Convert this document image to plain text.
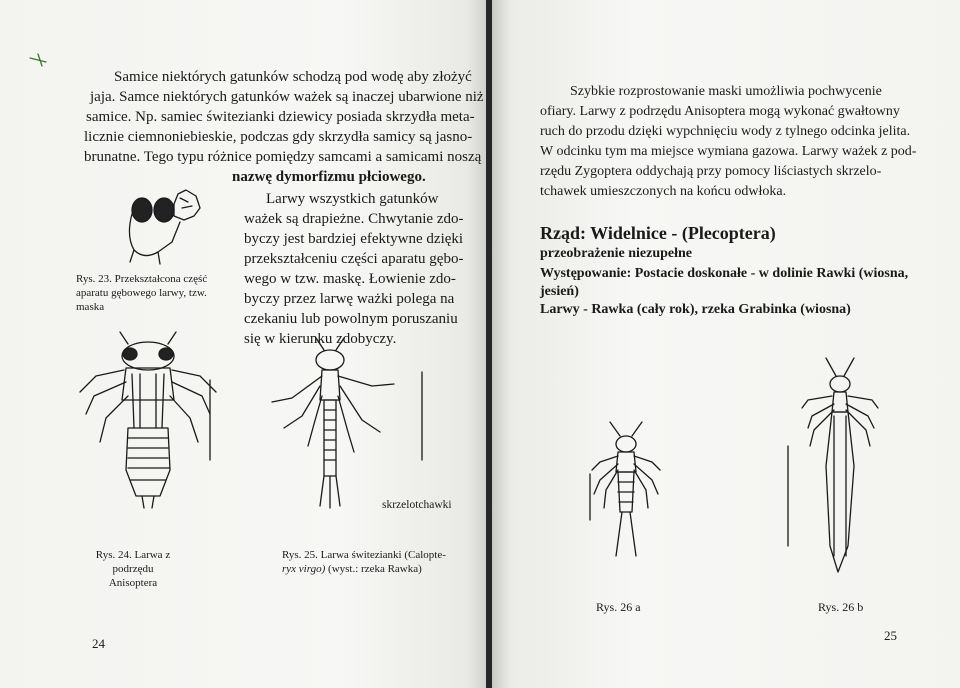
Samice niektórych gatunków schodzą pod wodę aby złożyć
jaja. Samce niektórych gatunków ważek są inaczej ubarwione niż
samice. Np. samiec świtezianki dziewicy posiada skrzydła meta-
licznie ciemnoniebieskie, podczas gdy skrzydła samicy są jasno-
brunatne. Tego typu różnice pomiędzy samcami a samicami noszą
nazwę dymorfizmu płciowego.
Larwy wszystkich gatunków
ważek są drapieżne. Chwytanie zdo-
byczy jest bardziej efektywne dzięki
przekształceniu części aparatu gębo-
wego w tzw. maskę. Łowienie zdo-
byczy przez larwę ważki polega na
czekaniu lub powolnym poruszaniu
się w kierunku zdobyczy.
Rys. 23. Przekształcona część
aparatu gębowego larwy, tzw.
maska
Rys. 24. Larwa z podrzędu
Anisoptera
skrzelotchawki
Rys. 25. Larwa świtezianki (Calopte-
ryx virgo) (wyst.: rzeka Rawka)
24
Szybkie rozprostowanie maski umożliwia pochwycenie
ofiary. Larwy z podrzędu Anisoptera mogą wykonać gwałtowny
ruch do przodu dzięki wypchnięciu wody z tylnego odcinka jelita.
W odcinku tym ma miejsce wymiana gazowa. Larwy ważek z pod-
rzędu Zygoptera oddychają przy pomocy liściastych skrzelo-
tchawek umieszczonych na końcu odwłoka.
Rząd: Widelnice - (Plecoptera)
przeobrażenie niezupełne
Występowanie: Postacie doskonałe - w dolinie Rawki (wiosna,
jesień)
Larwy - Rawka (cały rok), rzeka Grabinka (wiosna)
Rys. 26 a	Rys. 26 b
25
